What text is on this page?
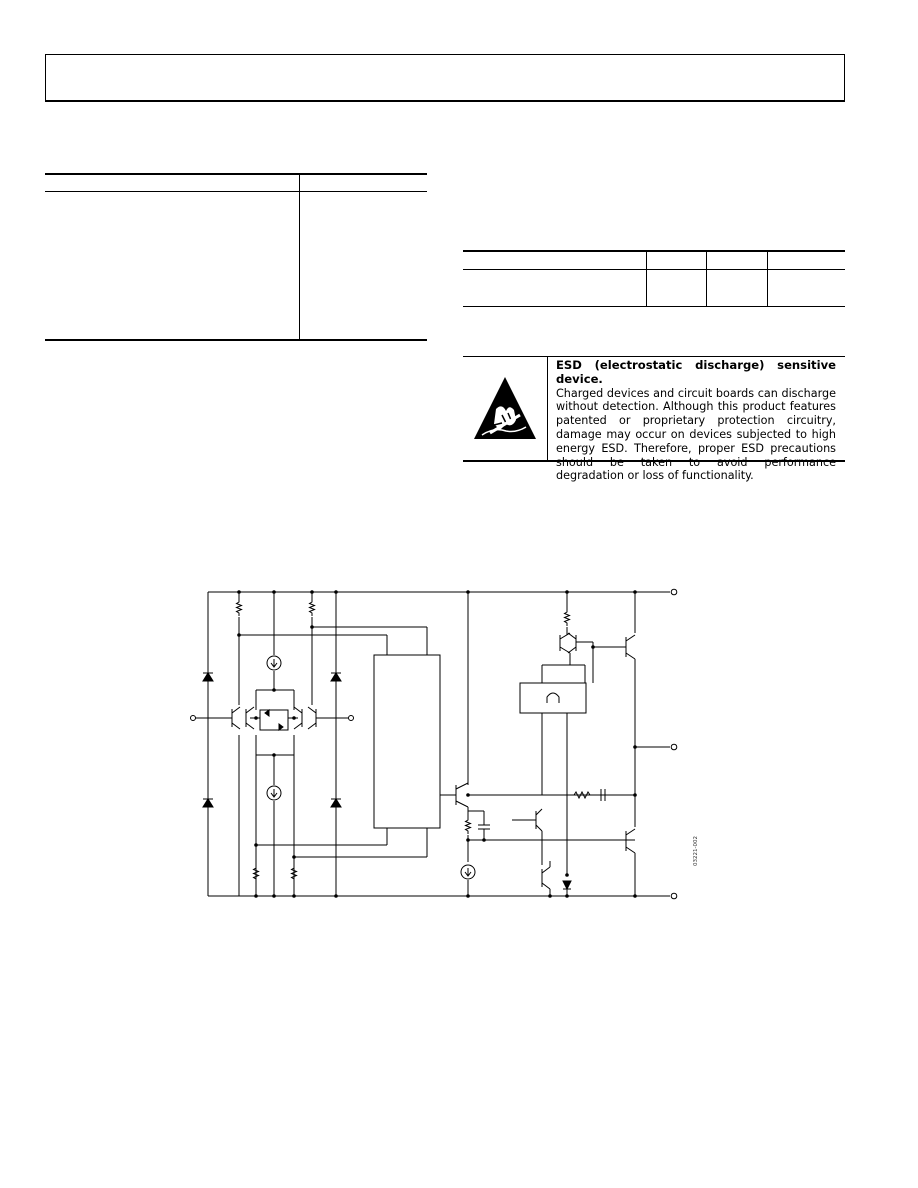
ESD (electrostatic discharge) sensitive device.
Charged devices and circuit boards can discharge without detection. Although this product features patented or proprietary protection circuitry, damage may occur on devices subjected to high energy ESD. Therefore, proper ESD precautions should be taken to avoid performance degradation or loss of functionality.
03221-002
